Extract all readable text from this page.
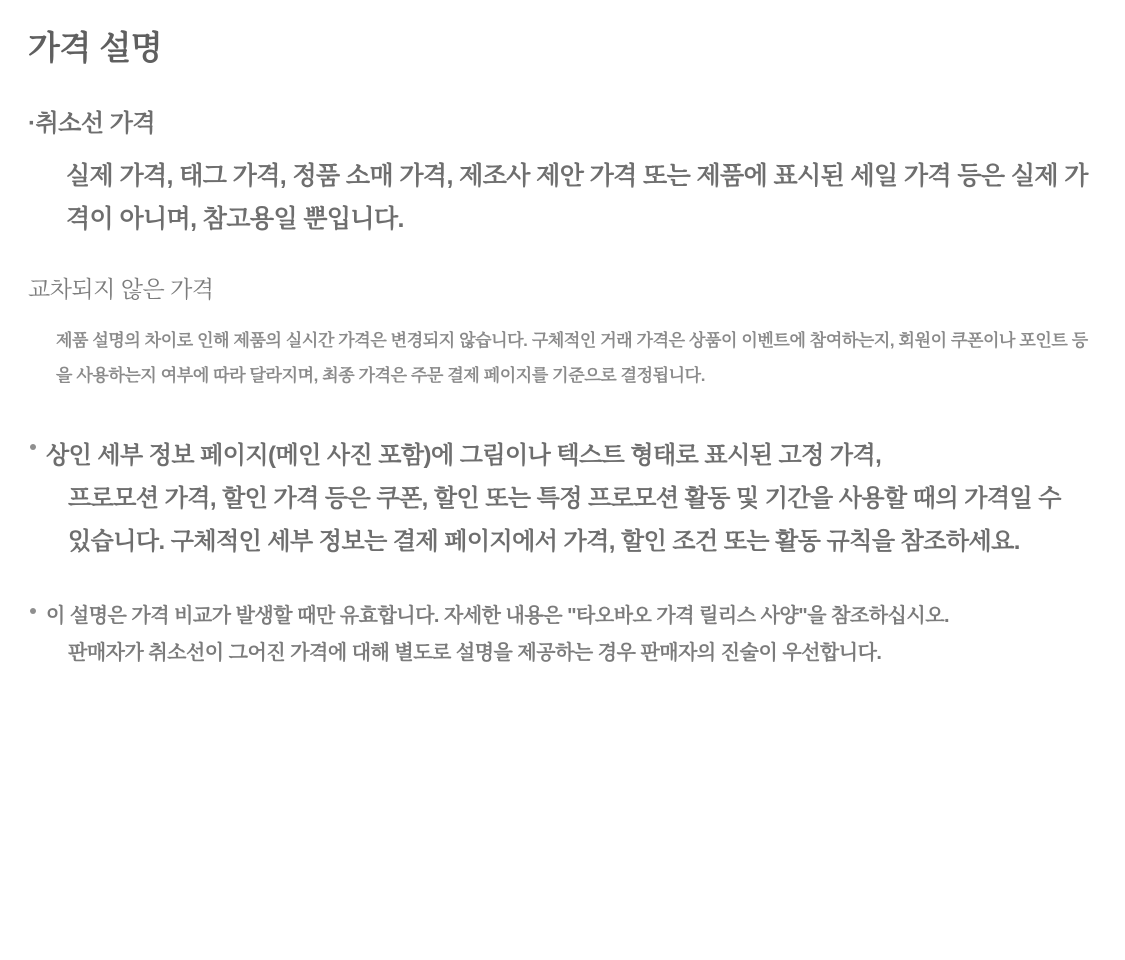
가격 설명
·취소선 가격

실제 가격, 태그 가격, 정품 소매 가격, 제조사 제안 가격 또는 제품에 표시된 세일 가격 등은 실제 가격이 아니며, 참고용일 뿐입니다.

교차되지 않은 가격

제품 설명의 차이로 인해 제품의 실시간 가격은 변경되지 않습니다. 구체적인 거래 가격은 상품이 이벤트에 참여하는지, 회원이 쿠폰이나 포인트 등을 사용하는지 여부에 따라 달라지며, 최종 가격은 주문 결제 페이지를 기준으로 결정됩니다.

상인 세부 정보 페이지(메인 사진 포함)에 그림이나 텍스트 형태로 표시된 고정 가격,
프로모션 가격, 할인 가격 등은 쿠폰, 할인 또는 특정 프로모션 활동 및 기간을 사용할 때의 가격일 수 있습니다. 구체적인 세부 정보는 결제 페이지에서 가격, 할인 조건 또는 활동 규칙을 참조하세요.
이 설명은 가격 비교가 발생할 때만 유효합니다. 자세한 내용은 "타오바오 가격 릴리스 사양"을 참조하십시오.
판매자가 취소선이 그어진 가격에 대해 별도로 설명을 제공하는 경우 판매자의 진술이 우선합니다.
